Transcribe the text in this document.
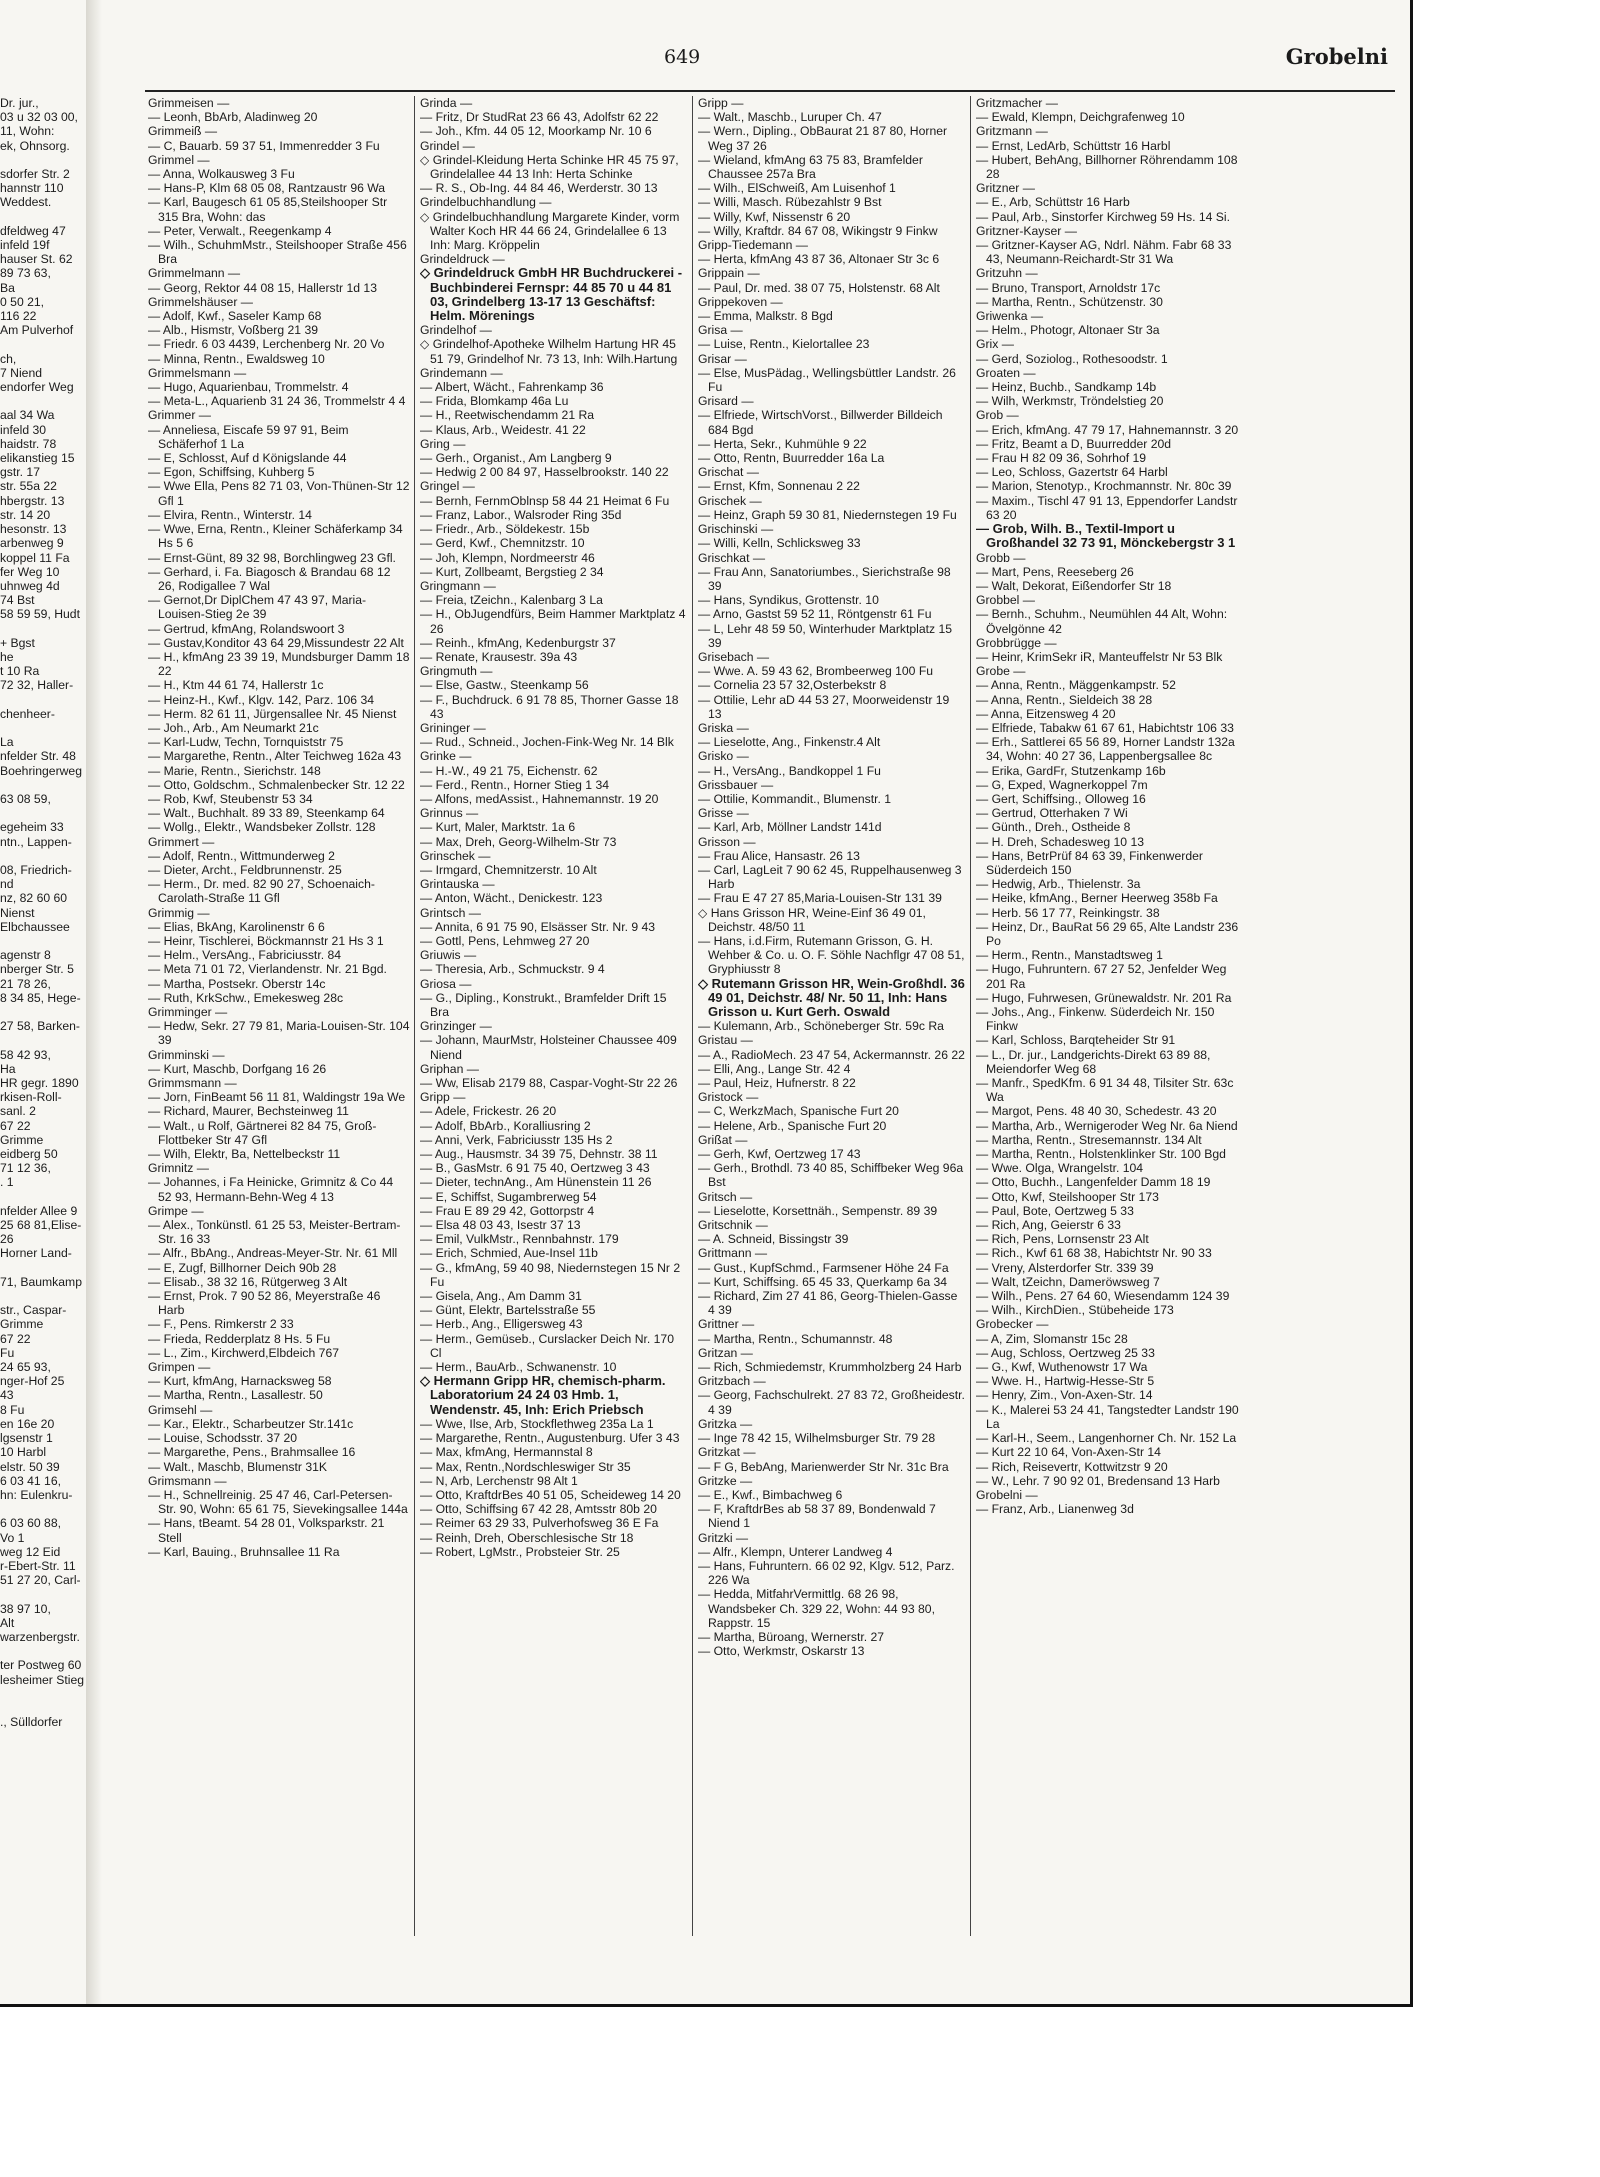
Dr. jur.,

03 u 32 03 00,

11, Wohn:

ek, Ohnsorg.

sdorfer Str. 2

hannstr 110

Weddest.

dfeldweg 47

infeld 19f

hauser St. 62

89 73 63,

Ba

0 50 21,

116 22

Am Pulverhof

ch,

7 Niend

endorfer Weg

aal 34 Wa

infeld 30

haidstr. 78

elikanstieg 15

gstr. 17

str. 55a 22

hbergstr. 13

str. 14 20

hesonstr. 13

arbenweg 9

koppel 11 Fa

fer Weg 10

uhnweg 4d

74 Bst

58 59 59, Hudt

+ Bgst

he

t 10 Ra

72 32, Haller-

chenheer-

La

nfelder Str. 48

Boehringerweg

63 08 59,

egeheim 33

ntn., Lappen-

08, Friedrich-

nd

nz, 82 60 60

Nienst

Elbchaussee

agenstr 8

nberger Str. 5

21 78 26,

8 34 85, Hege-

27 58, Barken-

58 42 93,

Ha

HR gegr. 1890

rkisen-Roll-

sanl. 2

67 22

Grimme

eidberg 50

71 12 36,

. 1

nfelder Allee 9

25 68 81,Elise-

26

Horner Land-

71, Baumkamp

str., Caspar-

Grimme

67 22

Fu

24 65 93,

nger-Hof 25

43

8 Fu

en 16e 20

lgsenstr 1

10 Harbl

elstr. 50 39

6 03 41 16,

hn: Eulenkru-

6 03 60 88,

Vo 1

weg 12 Eid

r-Ebert-Str. 11

51 27 20, Carl-

38 97 10,

Alt

warzenbergstr.

ter Postweg 60

lesheimer Stieg

., Sülldorfer

649	Grobelni

Grimmeisen —

— Leonh, BbArb, Aladinweg 20

Grimmeiß —

— C, Bauarb. 59 37 51, Immenredder 3 Fu

Grimmel —

— Anna, Wolkausweg 3 Fu

— Hans-P, Klm 68 05 08, Rantzaustr 96 Wa

— Karl, Baugesch 61 05 85,Steilshooper Str 315 Bra, Wohn: das

— Peter, Verwalt., Reegenkamp 4

— Wilh., SchuhmMstr., Steilshooper Straße 456 Bra

Grimmelmann —

— Georg, Rektor 44 08 15, Hallerstr 1d 13

Grimmelshäuser —

— Adolf, Kwf., Saseler Kamp 68

— Alb., Hismstr, Voßberg 21 39

— Friedr. 6 03 4439, Lerchenberg Nr. 20 Vo

— Minna, Rentn., Ewaldsweg 10

Grimmelsmann —

— Hugo, Aquarienbau, Trommelstr. 4

— Meta-L., Aquarienb 31 24 36, Trommelstr 4 4

Grimmer —

— Anneliesa, Eiscafe 59 97 91, Beim Schäferhof 1 La

— E, Schlosst, Auf d Königslande 44

— Egon, Schiffsing, Kuhberg 5

— Wwe Ella, Pens 82 71 03, Von-Thünen-Str 12 Gfl 1

— Elvira, Rentn., Winterstr. 14

— Wwe, Erna, Rentn., Kleiner Schäferkamp 34 Hs 5 6

— Ernst-Günt, 89 32 98, Borchlingweg 23 Gfl.

— Gerhard, i. Fa. Biagosch & Brandau 68 12 26, Rodigallee 7 Wal

— Gernot,Dr DiplChem 47 43 97, Maria-Louisen-Stieg 2e 39

— Gertrud, kfmAng, Rolandswoort 3

— Gustav,Konditor 43 64 29,Missundestr 22 Alt

— H., kfmAng 23 39 19, Mundsburger Damm 18 22

— H., Ktm 44 61 74, Hallerstr 1c

— Heinz-H., Kwf., Klgv. 142, Parz. 106 34

— Herm. 82 61 11, Jürgensallee Nr. 45 Nienst

— Joh., Arb., Am Neumarkt 21c

— Karl-Ludw, Techn, Tornquiststr 75

— Margarethe, Rentn., Alter Teichweg 162a 43

— Marie, Rentn., Sierichstr. 148

— Otto, Goldschm., Schmalenbecker Str. 12 22

— Rob, Kwf, Steubenstr 53 34

— Walt., Buchhalt. 89 33 89, Steenkamp 64

— Wollg., Elektr., Wandsbeker Zollstr. 128

Grimmert —

— Adolf, Rentn., Wittmunderweg 2

— Dieter, Archt., Feldbrunnenstr. 25

— Herm., Dr. med. 82 90 27, Schoenaich-Carolath-Straße 11 Gfl

Grimmig —

— Elias, BkAng, Karolinenstr 6 6

— Heinr, Tischlerei, Böckmannstr 21 Hs 3 1

— Helm., VersAng., Fabriciusstr. 84

— Meta 71 01 72, Vierlandenstr. Nr. 21 Bgd.

— Martha, Postsekr. Oberstr 14c

— Ruth, KrkSchw., Emekesweg 28c

Grimminger —

— Hedw, Sekr. 27 79 81, Maria-Louisen-Str. 104 39

Grimminski —

— Kurt, Maschb, Dorfgang 16 26

Grimmsmann —

— Jorn, FinBeamt 56 11 81, Waldingstr 19a We

— Richard, Maurer, Bechsteinweg 11

— Walt., u Rolf, Gärtnerei 82 84 75, Groß-Flottbeker Str 47 Gfl

— Wilh, Elektr, Ba, Nettelbeckstr 11

Grimnitz —

— Johannes, i Fa Heinicke, Grimnitz & Co 44 52 93, Hermann-Behn-Weg 4 13

Grimpe —

— Alex., Tonkünstl. 61 25 53, Meister-Bertram-Str. 16 33

— Alfr., BbAng., Andreas-Meyer-Str. Nr. 61 Mll

— E, Zugf, Billhorner Deich 90b 28

— Elisab., 38 32 16, Rütgerweg 3 Alt

— Ernst, Prok. 7 90 52 86, Meyerstraße 46 Harb

— F., Pens. Rimkerstr 2 33

— Frieda, Redderplatz 8 Hs. 5 Fu

— L., Zim., Kirchwerd,Elbdeich 767

Grimpen —

— Kurt, kfmAng, Harnacksweg 58

— Martha, Rentn., Lasallestr. 50

Grimsehl —

— Kar., Elektr., Scharbeutzer Str.141c

— Louise, Schodsstr. 37 20

— Margarethe, Pens., Brahmsallee 16

— Walt., Maschb, Blumenstr 31K

Grimsmann —

— H., Schnellreinig. 25 47 46, Carl-Petersen-Str. 90, Wohn: 65 61 75, Sievekingsallee 144a

— Hans, tBeamt. 54 28 01, Volksparkstr. 21 Stell

— Karl, Bauing., Bruhnsallee 11 Ra

Grinda —

— Fritz, Dr StudRat 23 66 43, Adolfstr 62 22

— Joh., Kfm. 44 05 12, Moorkamp Nr. 10 6

Grindel —

◇ Grindel-Kleidung Herta Schinke HR 45 75 97, Grindelallee 44 13 Inh: Herta Schinke

— R. S., Ob-Ing. 44 84 46, Werderstr. 30 13

Grindelbuchhandlung —

◇ Grindelbuchhandlung Margarete Kinder, vorm Walter Koch HR 44 66 24, Grindelallee 6 13 Inh: Marg. Kröppelin

Grindeldruck —

◇ Grindeldruck GmbH HR Buchdruckerei - Buchbinderei Fernspr: 44 85 70 u 44 81 03, Grindelberg 13-17 13 Geschäftsf: Helm. Mörenings

Grindelhof —

◇ Grindelhof-Apotheke Wilhelm Hartung HR 45 51 79, Grindelhof Nr. 73 13, Inh: Wilh.Hartung

Grindemann —

— Albert, Wächt., Fahrenkamp 36

— Frida, Blomkamp 46a Lu

— H., Reetwischendamm 21 Ra

— Klaus, Arb., Weidestr. 41 22

Gring —

— Gerh., Organist., Am Langberg 9

— Hedwig 2 00 84 97, Hasselbrookstr. 140 22

Gringel —

— Bernh, FernmOblnsp 58 44 21 Heimat 6 Fu

— Franz, Labor., Walsroder Ring 35d

— Friedr., Arb., Söldekestr. 15b

— Gerd, Kwf., Chemnitzstr. 10

— Joh, Klempn, Nordmeerstr 46

— Kurt, Zollbeamt, Bergstieg 2 34

Gringmann —

— Freia, tZeichn., Kalenbarg 3 La

— H., ObJugendfürs, Beim Hammer Marktplatz 4 26

— Reinh., kfmAng, Kedenburgstr 37

— Renate, Krausestr. 39a 43

Gringmuth —

— Else, Gastw., Steenkamp 56

— F., Buchdruck. 6 91 78 85, Thorner Gasse 18 43

Grininger —

— Rud., Schneid., Jochen-Fink-Weg Nr. 14 Blk

Grinke —

— H.-W., 49 21 75, Eichenstr. 62

— Ferd., Rentn., Horner Stieg 1 34

— Alfons, medAssist., Hahnemannstr. 19 20

Grinnus —

— Kurt, Maler, Marktstr. 1a 6

— Max, Dreh, Georg-Wilhelm-Str 73

Grinschek —

— Irmgard, Chemnitzerstr. 10 Alt

Grintauska —

— Anton, Wächt., Denickestr. 123

Grintsch —

— Annita, 6 91 75 90, Elsässer Str. Nr. 9 43

— Gottl, Pens, Lehmweg 27 20

Griuwis —

— Theresia, Arb., Schmuckstr. 9 4

Griosa —

— G., Dipling., Konstrukt., Bramfelder Drift 15 Bra

Grinzinger —

— Johann, MaurMstr, Holsteiner Chaussee 409 Niend

Griphan —

— Ww, Elisab 2179 88, Caspar-Voght-Str 22 26

Gripp —

— Adele, Frickestr. 26 20

— Adolf, BbArb., Koralliusring 2

— Anni, Verk, Fabriciusstr 135 Hs 2

— Aug., Hausmstr. 34 39 75, Dehnstr. 38 11

— B., GasMstr. 6 91 75 40, Oertzweg 3 43

— Dieter, technAng., Am Hünenstein 11 26

— E, Schiffst, Sugambrerweg 54

— Frau E 89 29 42, Gottorpstr 4

— Elsa 48 03 43, Isestr 37 13

— Emil, VulkMstr., Rennbahnstr. 179

— Erich, Schmied, Aue-Insel 11b

— G., kfmAng, 59 40 98, Niedernstegen 15 Nr 2 Fu

— Gisela, Ang., Am Damm 31

— Günt, Elektr, Bartelsstraße 55

— Herb., Ang., Elligersweg 43

— Herm., Gemüseb., Curslacker Deich Nr. 170 Cl

— Herm., BauArb., Schwanenstr. 10

◇ Hermann Gripp HR, chemisch-pharm. Laboratorium 24 24 03 Hmb. 1, Wendenstr. 45, Inh: Erich Priebsch

— Wwe, Ilse, Arb, Stockflethweg 235a La 1

— Margarethe, Rentn., Augustenburg. Ufer 3 43

— Max, kfmAng, Hermannstal 8

— Max, Rentn.,Nordschleswiger Str 35

— N, Arb, Lerchenstr 98 Alt 1

— Otto, KraftdrBes 40 51 05, Scheideweg 14 20

— Otto, Schiffsing 67 42 28, Amtsstr 80b 20

— Reimer 63 29 33, Pulverhofsweg 36 E Fa

— Reinh, Dreh, Oberschlesische Str 18

— Robert, LgMstr., Probsteier Str. 25

Gripp —

— Walt., Maschb., Luruper Ch. 47

— Wern., Dipling., ObBaurat 21 87 80, Horner Weg 37 26

— Wieland, kfmAng 63 75 83, Bramfelder Chaussee 257a Bra

— Wilh., ElSchweiß, Am Luisenhof 1

— Willi, Masch. Rübezahlstr 9 Bst

— Willy, Kwf, Nissenstr 6 20

— Willy, Kraftdr. 84 67 08, Wikingstr 9 Finkw

Gripp-Tiedemann —

— Herta, kfmAng 43 87 36, Altonaer Str 3c 6

Grippain —

— Paul, Dr. med. 38 07 75, Holstenstr. 68 Alt

Grippekoven —

— Emma, Malkstr. 8 Bgd

Grisa —

— Luise, Rentn., Kielortallee 23

Grisar —

— Else, MusPädag., Wellingsbüttler Landstr. 26 Fu

Grisard —

— Elfriede, WirtschVorst., Billwerder Billdeich 684 Bgd

— Herta, Sekr., Kuhmühle 9 22

— Otto, Rentn, Buurredder 16a La

Grischat —

— Ernst, Kfm, Sonnenau 2 22

Grischek —

— Heinz, Graph 59 30 81, Niedernstegen 19 Fu

Grischinski —

— Willi, Kelln, Schlicksweg 33

Grischkat —

— Frau Ann, Sanatoriumbes., Sierichstraße 98 39

— Hans, Syndikus, Grottenstr. 10

— Arno, Gastst 59 52 11, Röntgenstr 61 Fu

— L, Lehr 48 59 50, Winterhuder Marktplatz 15 39

Grisebach —

— Wwe. A. 59 43 62, Brombeerweg 100 Fu

— Cornelia 23 57 32,Osterbekstr 8

— Ottilie, Lehr aD 44 53 27, Moorweidenstr 19 13

Griska —

— Lieselotte, Ang., Finkenstr.4 Alt

Grisko —

— H., VersAng., Bandkoppel 1 Fu

Grissbauer —

— Ottilie, Kommandit., Blumenstr. 1

Grisse —

— Karl, Arb, Möllner Landstr 141d

Grisson —

— Frau Alice, Hansastr. 26 13

— Carl, LagLeit 7 90 62 45, Ruppelhausenweg 3 Harb

— Frau E 47 27 85,Maria-Louisen-Str 131 39

◇ Hans Grisson HR, Weine-Einf 36 49 01, Deichstr. 48/50 11

— Hans, i.d.Firm, Rutemann Grisson, G. H. Wehber & Co. u. O. F. Söhle Nachflgr 47 08 51, Gryphiusstr 8

◇ Rutemann Grisson HR, Wein-Großhdl. 36 49 01, Deichstr. 48/ Nr. 50 11, Inh: Hans Grisson u. Kurt Gerh. Oswald

— Kulemann, Arb., Schöneberger Str. 59c Ra

Gristau —

— A., RadioMech. 23 47 54, Ackermannstr. 26 22

— Elli, Ang., Lange Str. 42 4

— Paul, Heiz, Hufnerstr. 8 22

Gristock —

— C, WerkzMach, Spanische Furt 20

— Helene, Arb., Spanische Furt 20

Grißat —

— Gerh, Kwf, Oertzweg 17 43

— Gerh., Brothdl. 73 40 85, Schiffbeker Weg 96a Bst

Gritsch —

— Lieselotte, Korsettnäh., Sempenstr. 89 39

Gritschnik —

— A. Schneid, Bissingstr 39

Grittmann —

— Gust., KupfSchmd., Farmsener Höhe 24 Fa

— Kurt, Schiffsing. 65 45 33, Querkamp 6a 34

— Richard, Zim 27 41 86, Georg-Thielen-Gasse 4 39

Grittner —

— Martha, Rentn., Schumannstr. 48

Gritzan —

— Rich, Schmiedemstr, Krummholzberg 24 Harb

Gritzbach —

— Georg, Fachschulrekt. 27 83 72, Großheidestr. 4 39

Gritzka —

— Inge 78 42 15, Wilhelmsburger Str. 79 28

Gritzkat —

— F G, BebAng, Marienwerder Str Nr. 31c Bra

Gritzke —

— E., Kwf., Bimbachweg 6

— F, KraftdrBes ab 58 37 89, Bondenwald 7 Niend 1

Gritzki —

— Alfr., Klempn, Unterer Landweg 4

— Hans, Fuhruntern. 66 02 92, Klgv. 512, Parz. 226 Wa

— Hedda, MitfahrVermittlg. 68 26 98, Wandsbeker Ch. 329 22, Wohn: 44 93 80, Rappstr. 15

— Martha, Büroang, Wernerstr. 27

— Otto, Werkmstr, Oskarstr 13

Gritzmacher —

— Ewald, Klempn, Deichgrafenweg 10

Gritzmann —

— Ernst, LedArb, Schüttstr 16 Harbl

— Hubert, BehAng, Billhorner Röhrendamm 108 28

Gritzner —

— E., Arb, Schüttstr 16 Harb

— Paul, Arb., Sinstorfer Kirchweg 59 Hs. 14 Si.

Gritzner-Kayser —

— Gritzner-Kayser AG, Ndrl. Nähm. Fabr 68 33 43, Neumann-Reichardt-Str 31 Wa

Gritzuhn —

— Bruno, Transport, Arnoldstr 17c

— Martha, Rentn., Schützenstr. 30

Griwenka —

— Helm., Photogr, Altonaer Str 3a

Grix —

— Gerd, Soziolog., Rothesoodstr. 1

Groaten —

— Heinz, Buchb., Sandkamp 14b

— Wilh, Werkmstr, Tröndelstieg 20

Grob —

— Erich, kfmAng. 47 79 17, Hahnemannstr. 3 20

— Fritz, Beamt a D, Buurredder 20d

— Frau H 82 09 36, Sohrhof 19

— Leo, Schloss, Gazertstr 64 Harbl

— Marion, Stenotyp., Krochmannstr. Nr. 80c 39

— Maxim., Tischl 47 91 13, Eppendorfer Landstr 63 20

— Grob, Wilh. B., Textil-Import u Großhandel 32 73 91, Mönckebergstr 3 1

Grobb —

— Mart, Pens, Reeseberg 26

— Walt, Dekorat, Eißendorfer Str 18

Grobbel —

— Bernh., Schuhm., Neumühlen 44 Alt, Wohn: Övelgönne 42

Grobbrügge —

— Heinr, KrimSekr iR, Manteuffelstr Nr 53 Blk

Grobe —

— Anna, Rentn., Mäggenkampstr. 52

— Anna, Rentn., Sieldeich 38 28

— Anna, Eitzensweg 4 20

— Elfriede, Tabakw 61 67 61, Habichtstr 106 33

— Erh., Sattlerei 65 56 89, Horner Landstr 132a 34, Wohn: 40 27 36, Lappenbergsallee 8c

— Erika, GardFr, Stutzenkamp 16b

— G, Exped, Wagnerkoppel 7m

— Gert, Schiffsing., Olloweg 16

— Gertrud, Otterhaken 7 Wi

— Günth., Dreh., Ostheide 8

— H. Dreh, Schadesweg 10 13

— Hans, BetrPrüf 84 63 39, Finkenwerder Süderdeich 150

— Hedwig, Arb., Thielenstr. 3a

— Heike, kfmAng., Berner Heerweg 358b Fa

— Herb. 56 17 77, Reinkingstr. 38

— Heinz, Dr., BauRat 56 29 65, Alte Landstr 236 Po

— Herm., Rentn., Manstadtsweg 1

— Hugo, Fuhruntern. 67 27 52, Jenfelder Weg 201 Ra

— Hugo, Fuhrwesen, Grünewaldstr. Nr. 201 Ra

— Johs., Ang., Finkenw. Süderdeich Nr. 150 Finkw

— Karl, Schloss, Barqteheider Str 91

— L., Dr. jur., Landgerichts-Direkt 63 89 88, Meiendorfer Weg 68

— Manfr., SpedKfm. 6 91 34 48, Tilsiter Str. 63c Wa

— Margot, Pens. 48 40 30, Schedestr. 43 20

— Martha, Arb., Wernigeroder Weg Nr. 6a Niend

— Martha, Rentn., Stresemannstr. 134 Alt

— Martha, Rentn., Holstenklinker Str. 100 Bgd

— Wwe. Olga, Wrangelstr. 104

— Otto, Buchh., Langenfelder Damm 18 19

— Otto, Kwf, Steilshooper Str 173

— Paul, Bote, Oertzweg 5 33

— Rich, Ang, Geierstr 6 33

— Rich, Pens, Lornsenstr 23 Alt

— Rich., Kwf 61 68 38, Habichtstr Nr. 90 33

— Vreny, Alsterdorfer Str. 339 39

— Walt, tZeichn, Dameröwsweg 7

— Wilh., Pens. 27 64 60, Wiesendamm 124 39

— Wilh., KirchDien., Stübeheide 173

Grobecker —

— A, Zim, Slomanstr 15c 28

— Aug, Schloss, Oertzweg 25 33

— G., Kwf, Wuthenowstr 17 Wa

— Wwe. H., Hartwig-Hesse-Str 5

— Henry, Zim., Von-Axen-Str. 14

— K., Malerei 53 24 41, Tangstedter Landstr 190 La

— Karl-H., Seem., Langenhorner Ch. Nr. 152 La

— Kurt 22 10 64, Von-Axen-Str 14

— Rich, Reisevertr, Kottwitzstr 9 20

— W., Lehr. 7 90 92 01, Bredensand 13 Harb

Grobelni —

— Franz, Arb., Lianenweg 3d
